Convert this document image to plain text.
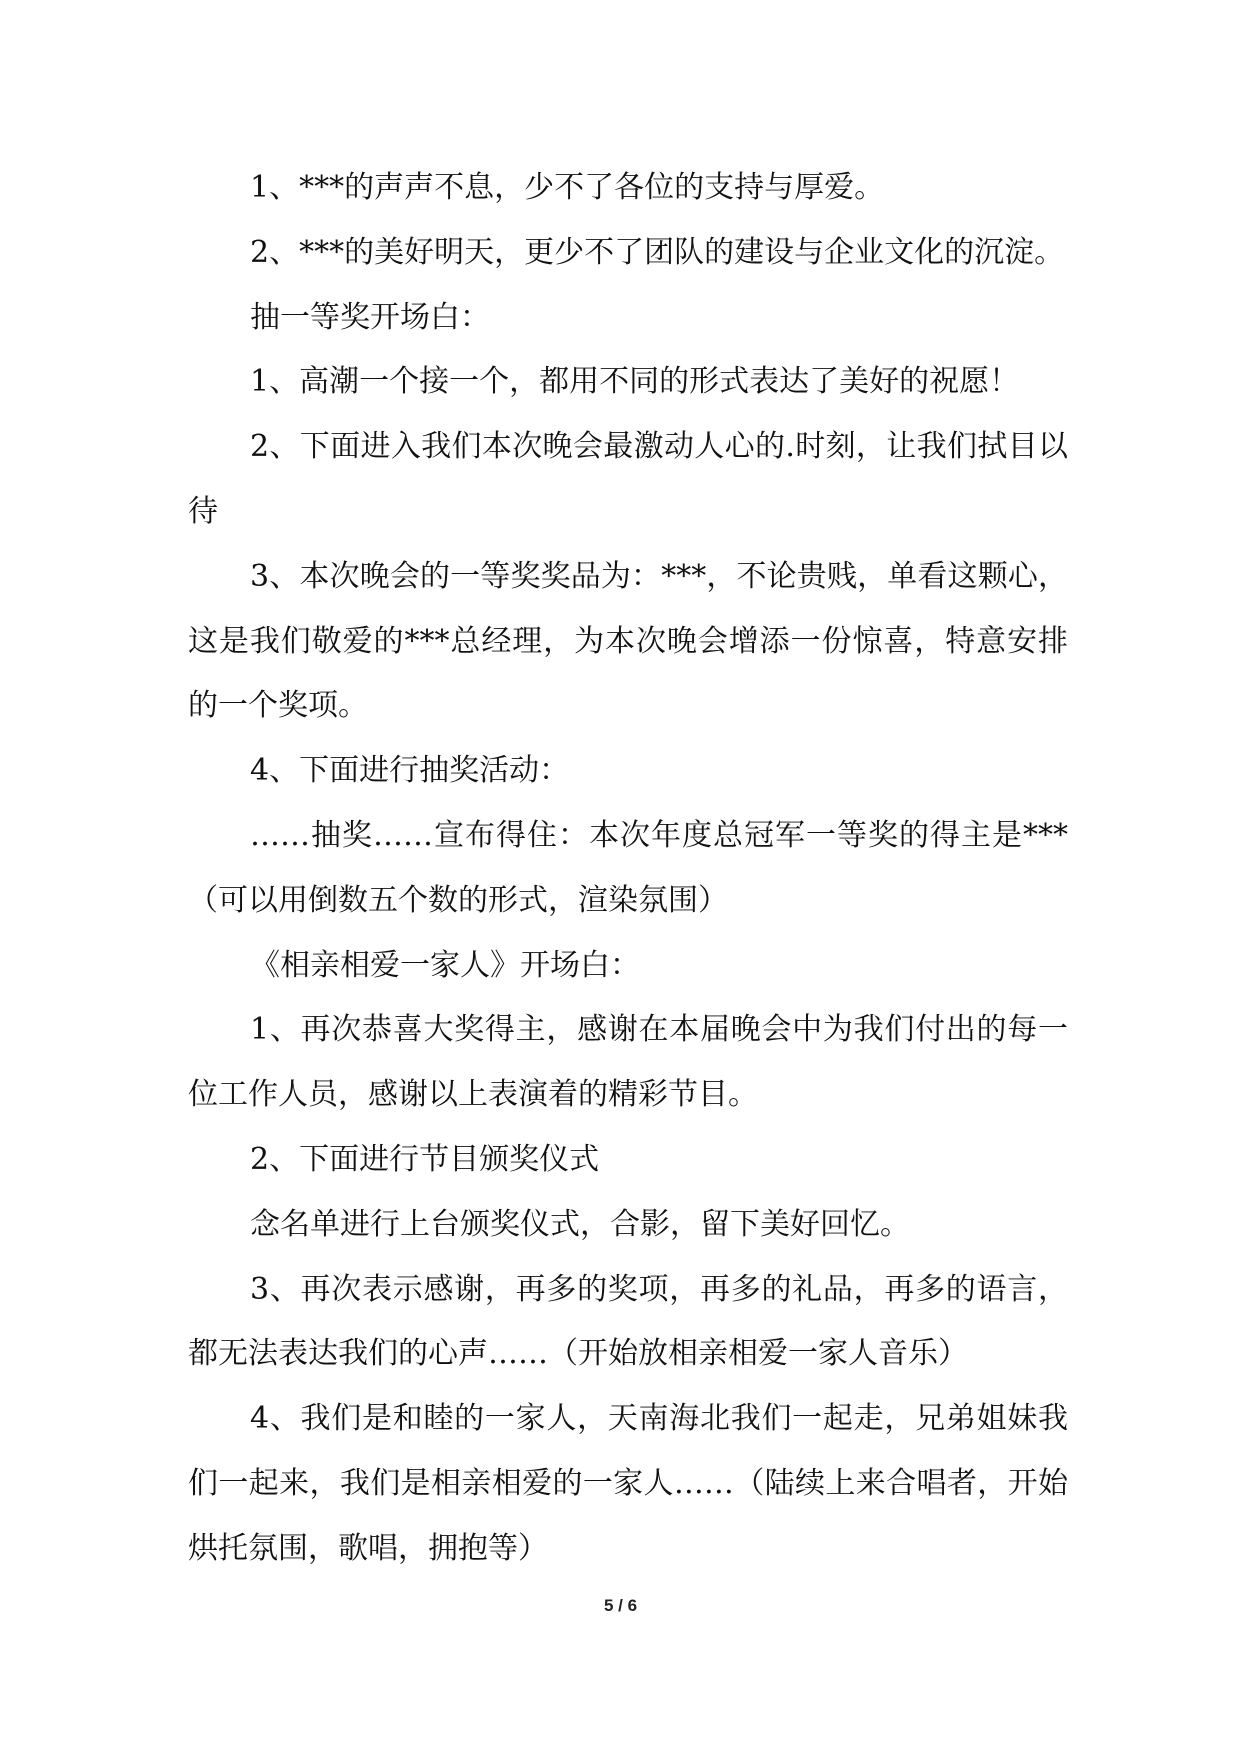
1、***的声声不息，少不了各位的支持与厚爱。

2、***的美好明天，更少不了团队的建设与企业文化的沉淀。

抽一等奖开场白：

1、高潮一个接一个，都用不同的形式表达了美好的祝愿！

2、下面进入我们本次晚会最激动人心的.时刻，让我们拭目以待

3、本次晚会的一等奖奖品为：***，不论贵贱，单看这颗心，这是我们敬爱的***总经理，为本次晚会增添一份惊喜，特意安排的一个奖项。

4、下面进行抽奖活动：

……抽奖……宣布得住：本次年度总冠军一等奖的得主是***（可以用倒数五个数的形式，渲染氛围）

《相亲相爱一家人》开场白：

1、再次恭喜大奖得主，感谢在本届晚会中为我们付出的每一位工作人员，感谢以上表演着的精彩节目。

2、下面进行节目颁奖仪式

念名单进行上台颁奖仪式，合影，留下美好回忆。

3、再次表示感谢，再多的奖项，再多的礼品，再多的语言，都无法表达我们的心声……（开始放相亲相爱一家人音乐）

4、我们是和睦的一家人，天南海北我们一起走，兄弟姐妹我们一起来，我们是相亲相爱的一家人……（陆续上来合唱者，开始烘托氛围，歌唱，拥抱等）

5 / 6
